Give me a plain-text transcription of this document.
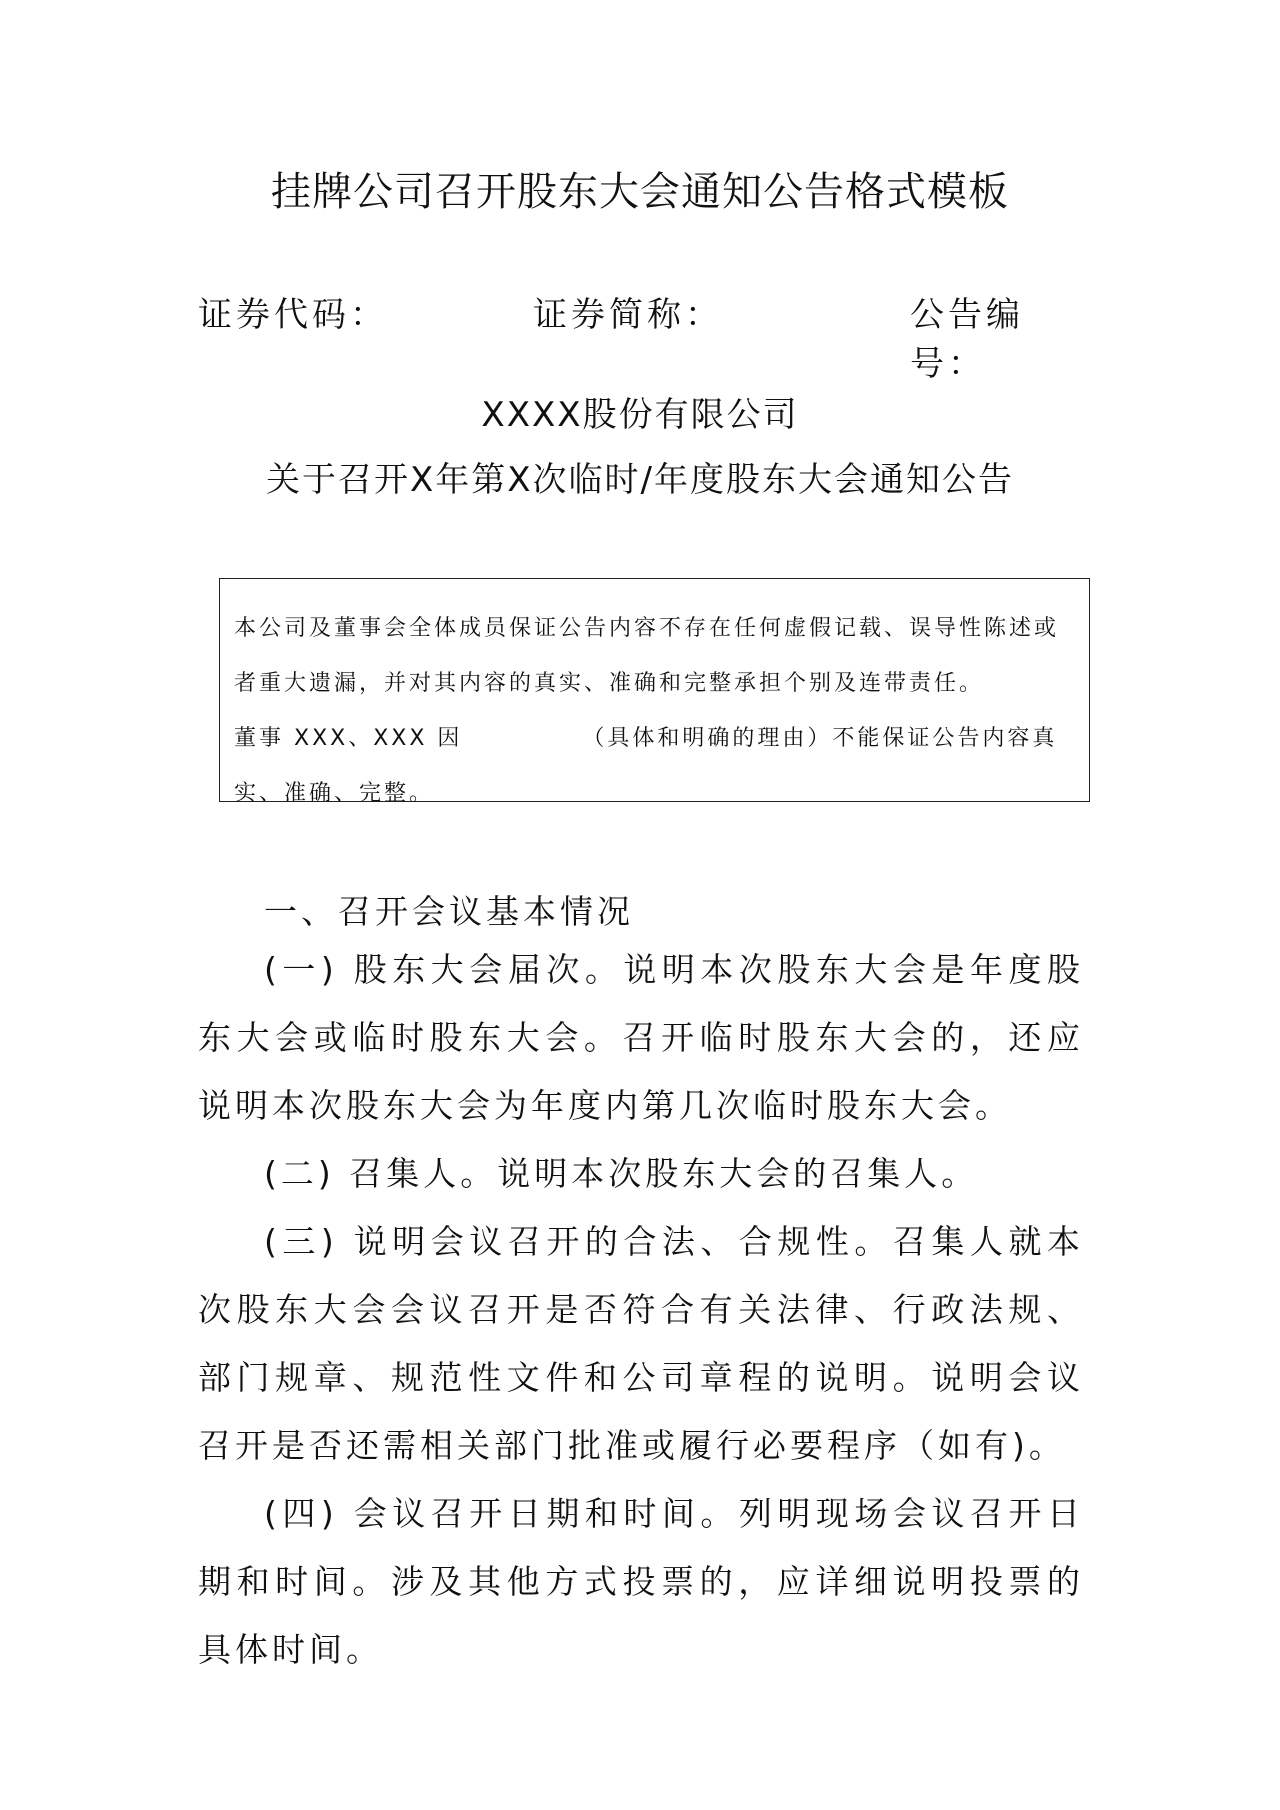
挂牌公司召开股东大会通知公告格式模板
证券代码：	证券简称：	公告编号：
XXXX股份有限公司
关于召开X年第X次临时/年度股东大会通知公告

本公司及董事会全体成员保证公告内容不存在任何虚假记载、误导性陈述或者重大遗漏，并对其内容的真实、准确和完整承担个别及连带责任。

董事 XXX、XXX 因	（具体和明确的理由）不能保证公告内容真实、准确、完整。

一、召开会议基本情况

(一) 股东大会届次。说明本次股东大会是年度股东大会或临时股东大会。召开临时股东大会的，还应说明本次股东大会为年度内第几次临时股东大会。

(二) 召集人。说明本次股东大会的召集人。

(三) 说明会议召开的合法、合规性。召集人就本次股东大会会议召开是否符合有关法律、行政法规、部门规章、规范性文件和公司章程的说明。说明会议召开是否还需相关部门批准或履行必要程序（如有)。

(四) 会议召开日期和时间。列明现场会议召开日期和时间。涉及其他方式投票的，应详细说明投票的具体时间。
